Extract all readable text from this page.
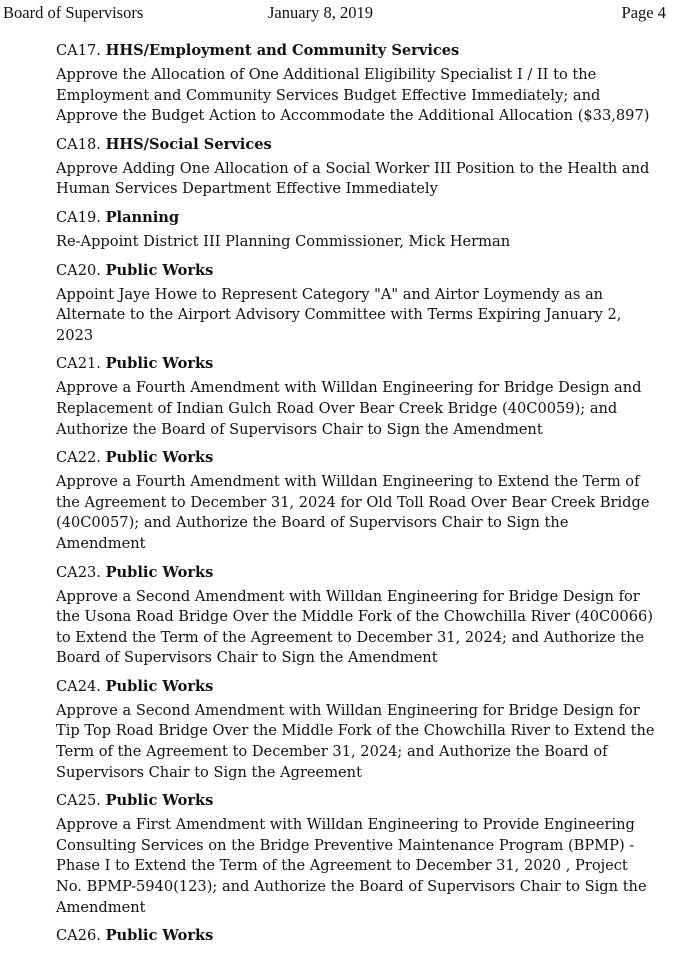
Board of Supervisors	January 8, 2019	Page 4
CA17. HHS/Employment and Community Services

Approve the Allocation of One Additional Eligibility Specialist I / II to the
Employment and Community Services Budget Effective Immediately; and
Approve the Budget Action to Accommodate the Additional Allocation ($33,897)

CA18. HHS/Social Services

Approve Adding One Allocation of a Social Worker III Position to the Health and
Human Services Department Effective Immediately

CA19. Planning

Re-Appoint District III Planning Commissioner, Mick Herman

CA20. Public Works

Appoint Jaye Howe to Represent Category "A" and Airtor Loymendy as an
Alternate to the Airport Advisory Committee with Terms Expiring January 2,
2023

CA21. Public Works

Approve a Fourth Amendment with Willdan Engineering for Bridge Design and
Replacement of Indian Gulch Road Over Bear Creek Bridge (40C0059); and
Authorize the Board of Supervisors Chair to Sign the Amendment

CA22. Public Works

Approve a Fourth Amendment with Willdan Engineering to Extend the Term of
the Agreement to December 31, 2024 for Old Toll Road Over Bear Creek Bridge
(40C0057); and Authorize the Board of Supervisors Chair to Sign the
Amendment

CA23. Public Works

Approve a Second Amendment with Willdan Engineering for Bridge Design for
the Usona Road Bridge Over the Middle Fork of the Chowchilla River (40C0066)
to Extend the Term of the Agreement to December 31, 2024; and Authorize the
Board of Supervisors Chair to Sign the Amendment

CA24. Public Works

Approve a Second Amendment with Willdan Engineering for Bridge Design for
Tip Top Road Bridge Over the Middle Fork of the Chowchilla River to Extend the
Term of the Agreement to December 31, 2024; and Authorize the Board of
Supervisors Chair to Sign the Agreement

CA25. Public Works

Approve a First Amendment with Willdan Engineering to Provide Engineering
Consulting Services on the Bridge Preventive Maintenance Program (BPMP) -
Phase I to Extend the Term of the Agreement to December 31, 2020 , Project
No. BPMP-5940(123); and Authorize the Board of Supervisors Chair to Sign the
Amendment

CA26. Public Works
